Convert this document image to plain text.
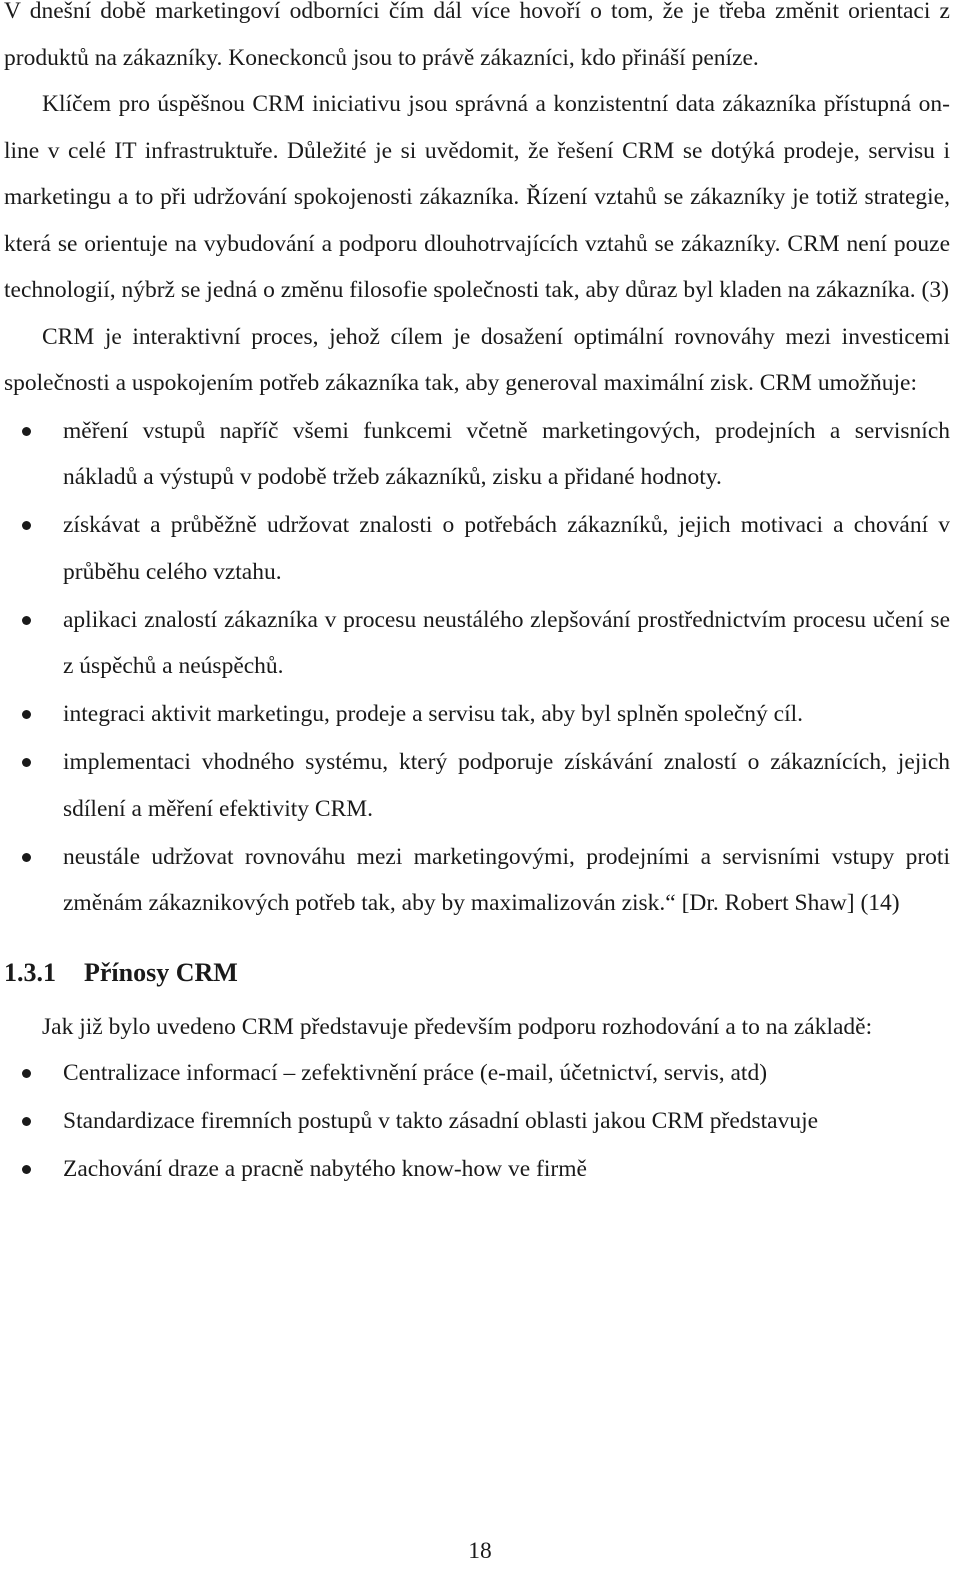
V dnešní době marketingoví odborníci čím dál více hovoří o tom, že je třeba změnit orientaci z produktů na zákazníky. Koneckonců jsou to právě zákazníci, kdo přináší peníze.

Klíčem pro úspěšnou CRM iniciativu jsou správná a konzistentní data zákazníka přístupná on-line v celé IT infrastruktuře. Důležité je si uvědomit, že řešení CRM se dotýká prodeje, servisu i marketingu a to při udržování spokojenosti zákazníka. Řízení vztahů se zákazníky je totiž strategie, která se orientuje na vybudování a podporu dlouhotrvajících vztahů se zákazníky. CRM není pouze technologií, nýbrž se jedná o změnu filosofie společnosti tak, aby důraz byl kladen na zákazníka. (3)

CRM je interaktivní proces, jehož cílem je dosažení optimální rovnováhy mezi investicemi společnosti a uspokojením potřeb zákazníka tak, aby generoval maximální zisk. CRM umožňuje:

měření vstupů napříč všemi funkcemi včetně marketingových, prodejních a servisních nákladů a výstupů v podobě tržeb zákazníků, zisku a přidané hodnoty.
získávat a průběžně udržovat znalosti o potřebách zákazníků, jejich motivaci a chování v průběhu celého vztahu.
aplikaci znalostí zákazníka v procesu neustálého zlepšování prostřednictvím procesu učení se z úspěchů a neúspěchů.
integraci aktivit marketingu, prodeje a servisu tak, aby byl splněn společný cíl.
implementaci vhodného systému, který podporuje získávání znalostí o zákaznících, jejich sdílení a měření efektivity CRM.
neustále udržovat rovnováhu mezi marketingovými, prodejními a servisními vstupy proti změnám zákaznikových potřeb tak, aby by maximalizován zisk.“ [Dr. Robert Shaw] (14)
1.3.1 Přínosy CRM

Jak již bylo uvedeno CRM představuje především podporu rozhodování a to na základě:

Centralizace informací – zefektivnění práce (e-mail, účetnictví, servis, atd)
Standardizace firemních postupů v takto zásadní oblasti jakou CRM představuje
Zachování draze a pracně nabytého know-how ve firmě
18
